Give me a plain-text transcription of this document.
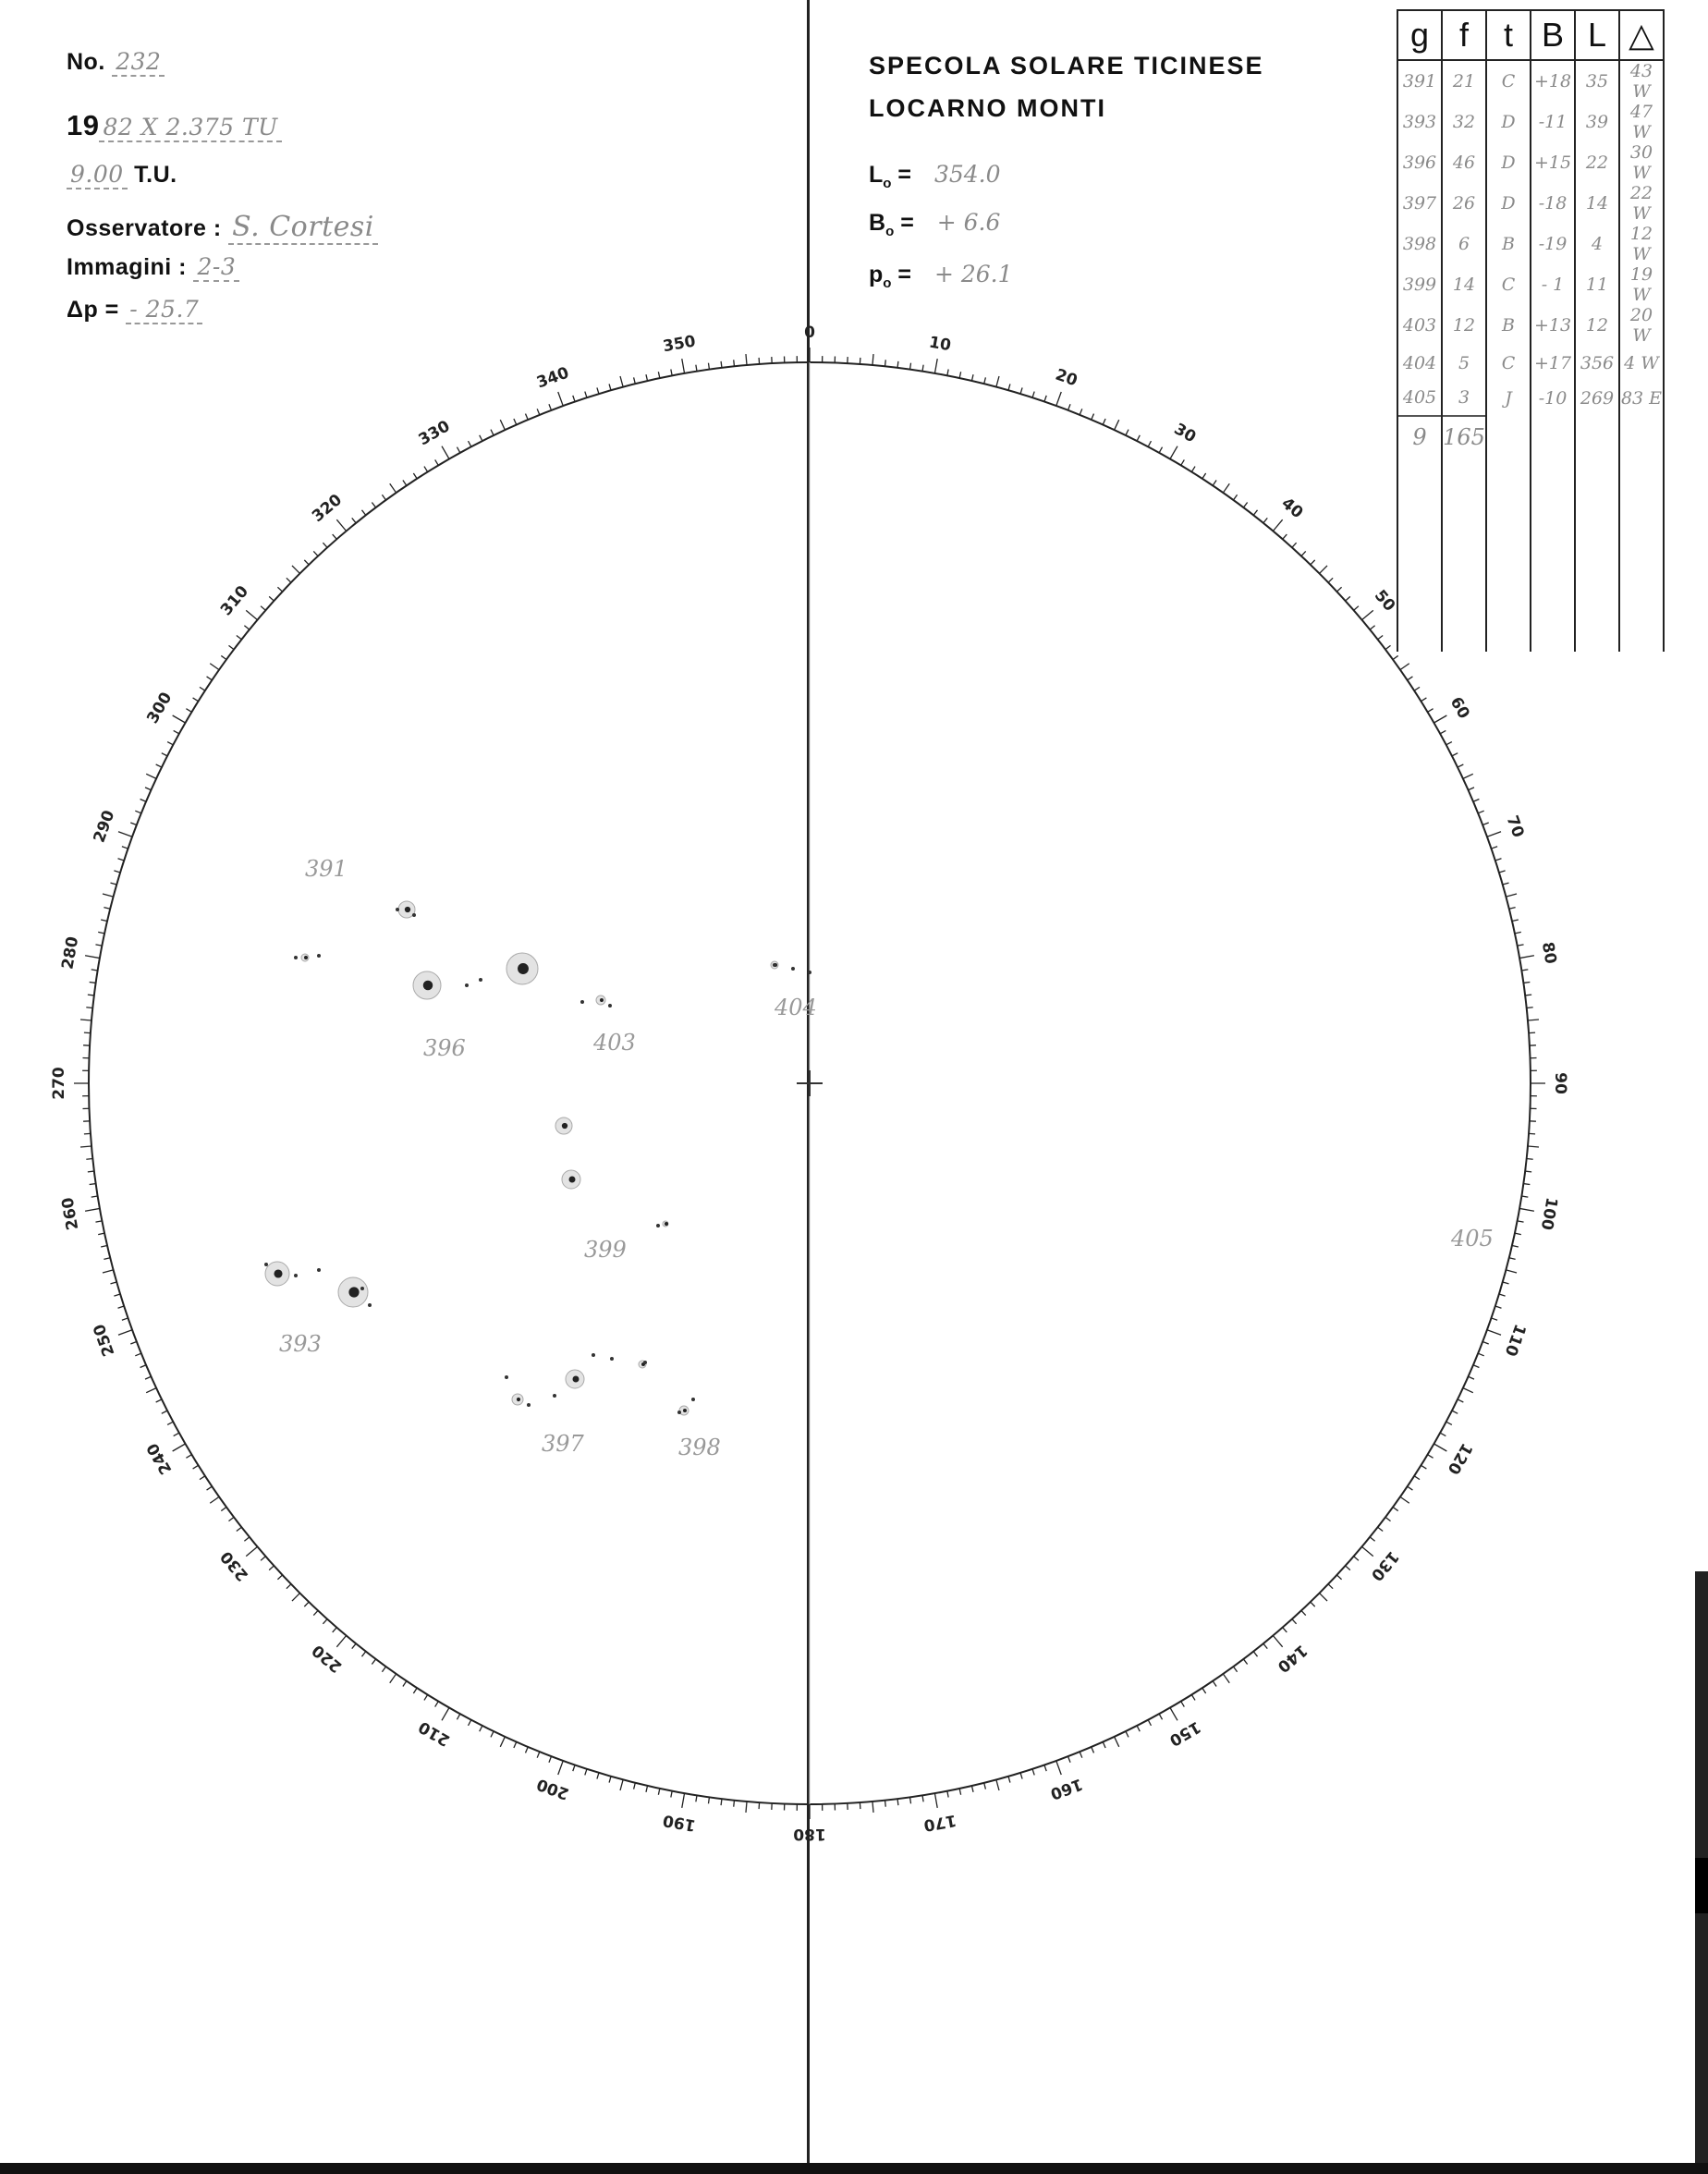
No. 232
19 82 X 2.375 TU
9.00 T.U.
Osservatore : S. Cortesi
Immagini : 2-3
Δp = - 25.7
SPECOLA SOLARE TICINESE
LOCARNO MONTI
$L_o = 354.0$
$B_o$ = + 6.6
$p_o$ = + 26.1
g	f	t	B	L	△
391	21	C	+18	35	43 W
393	32	D	-11	39	47 W
396	46	D	+15	22	30 W
397	26	D	-18	14	22 W
398	6	B	-19	4	12 W
399	14	C	- 1	11	19 W
403	12	B	+13	12	20 W
404	5	C	+17	356	4 W
405	3	J	-10	269	83 E
9	165				

0
10
20
30
40
50
60
70
80
90
100
110
120
130
140
150
160
170
180
190
200
210
220
230
240
250
260
270
280
290
300
310
320
330
340
350
391
396	403
404
399
393
397	398
405
